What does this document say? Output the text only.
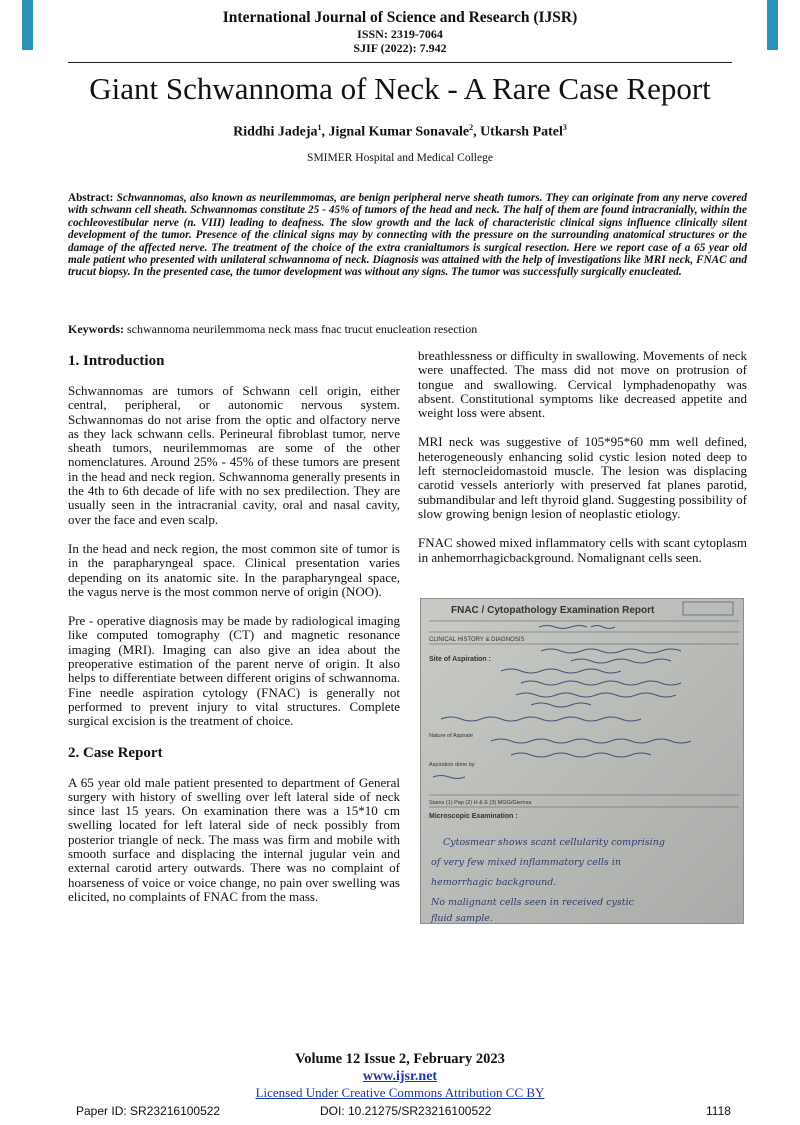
International Journal of Science and Research (IJSR)
ISSN: 2319-7064
SJIF (2022): 7.942
Giant Schwannoma of Neck - A Rare Case Report
Riddhi Jadeja$^1$, Jignal Kumar Sonavale$^2$, Utkarsh Patel$^3$
SMIMER Hospital and Medical College
Abstract: Schwannomas, also known as neurilemmomas, are benign peripheral nerve sheath tumors. They can originate from any nerve covered with schwann cell sheath. Schwannomas constitute 25 - 45% of tumors of the head and neck. The half of them are found intracranially, within the cochleovestibular nerve (n. VIII) leading to deafness. The slow growth and the lack of characteristic clinical signs influence clinically silent development of the tumor. Presence of the clinical signs may by connecting with the pressure on the surrounding anatomical structures or the damage of the affected nerve. The treatment of the choice of the extra cranialtumors is surgical resection. Here we report case of a 65 year old male patient who presented with unilateral schwannoma of neck. Diagnosis was attained with the help of investigations like MRI neck, FNAC and trucut biopsy. In the presented case, the tumor development was without any signs. The tumor was successfully surgically enucleated.
Keywords: schwannoma neurilemmoma neck mass fnac trucut enucleation resection
1. Introduction

Schwannomas are tumors of Schwann cell origin, either central, peripheral, or autonomic nervous system. Schwannomas do not arise from the optic and olfactory nerve as they lack schwann cells. Perineural fibroblast tumor, nerve sheath tumors, neurilemmomas are some of the other nomenclatures. Around 25% - 45% of these tumors are present in the head and neck region. Schwannoma generally presents in the 4th to 6th decade of life with no sex predilection. They are usually seen in the intracranial cavity, oral and nasal cavity, over the face and even scalp.

In the head and neck region, the most common site of tumor is in the parapharyngeal space. Clinical presentation varies depending on its anatomic site. In the parapharyngeal space, the vagus nerve is the most common nerve of origin (NOO).

Pre - operative diagnosis may be made by radiological imaging like computed tomography (CT) and magnetic resonance imaging (MRI). Imaging can also give an idea about the preoperative estimation of the parent nerve of origin. It also helps to differentiate between different origins of schwannoma. Fine needle aspiration cytology (FNAC) is generally not performed to prevent injury to vital structures. Complete surgical excision is the treatment of choice.

2. Case Report

A 65 year old male patient presented to department of General surgery with history of swelling over left lateral side of neck since last 15 years. On examination there was a 15*10 cm swelling located for left lateral side of neck possibly from posterior triangle of neck. The mass was firm and mobile with smooth surface and displacing the internal jugular vein and external carotid artery outwards. There was no complaint of hoarseness of voice or voice change, no pain over swelling was elicited, no complaints of FNAC from the mass.

breathlessness or difficulty in swallowing. Movements of neck were unaffected. The mass did not move on protrusion of tongue and swallowing. Cervical lymphadenopathy was absent. Constitutional symptoms like decreased appetite and weight loss were absent.

MRI neck was suggestive of 105*95*60 mm well defined, heterogeneously enhancing solid cystic lesion noted deep to left sternocleidomastoid muscle. The lesion was displacing carotid vessels anteriorly with preserved fat planes parotid, submandibular and left thyroid gland. Suggesting possibility of slow growing benign lesion of neoplastic etiology.

FNAC showed mixed inflammatory cells with scant cytoplasm in anhemorrhagicbackground. Nomalignant cells seen.

FNAC / Cytopathology Examination Report
CLINICAL HISTORY & DIAGNOSIS
Site of Aspiration :
Nature of Aspirate
Aspiration done by
Stains (1) Pap (2) H & E (3) MGG/Giemsa
Microscopic Examination :
Cytosmear shows scant cellularity comprising
of very few mixed inflammatory cells in
hemorrhagic background.
No malignant cells seen in received cystic
fluid sample.
Volume 12 Issue 2, February 2023
www.ijsr.net
Licensed Under Creative Commons Attribution CC BY
Paper ID: SR23216100522	DOI: 10.21275/SR23216100522	1118
